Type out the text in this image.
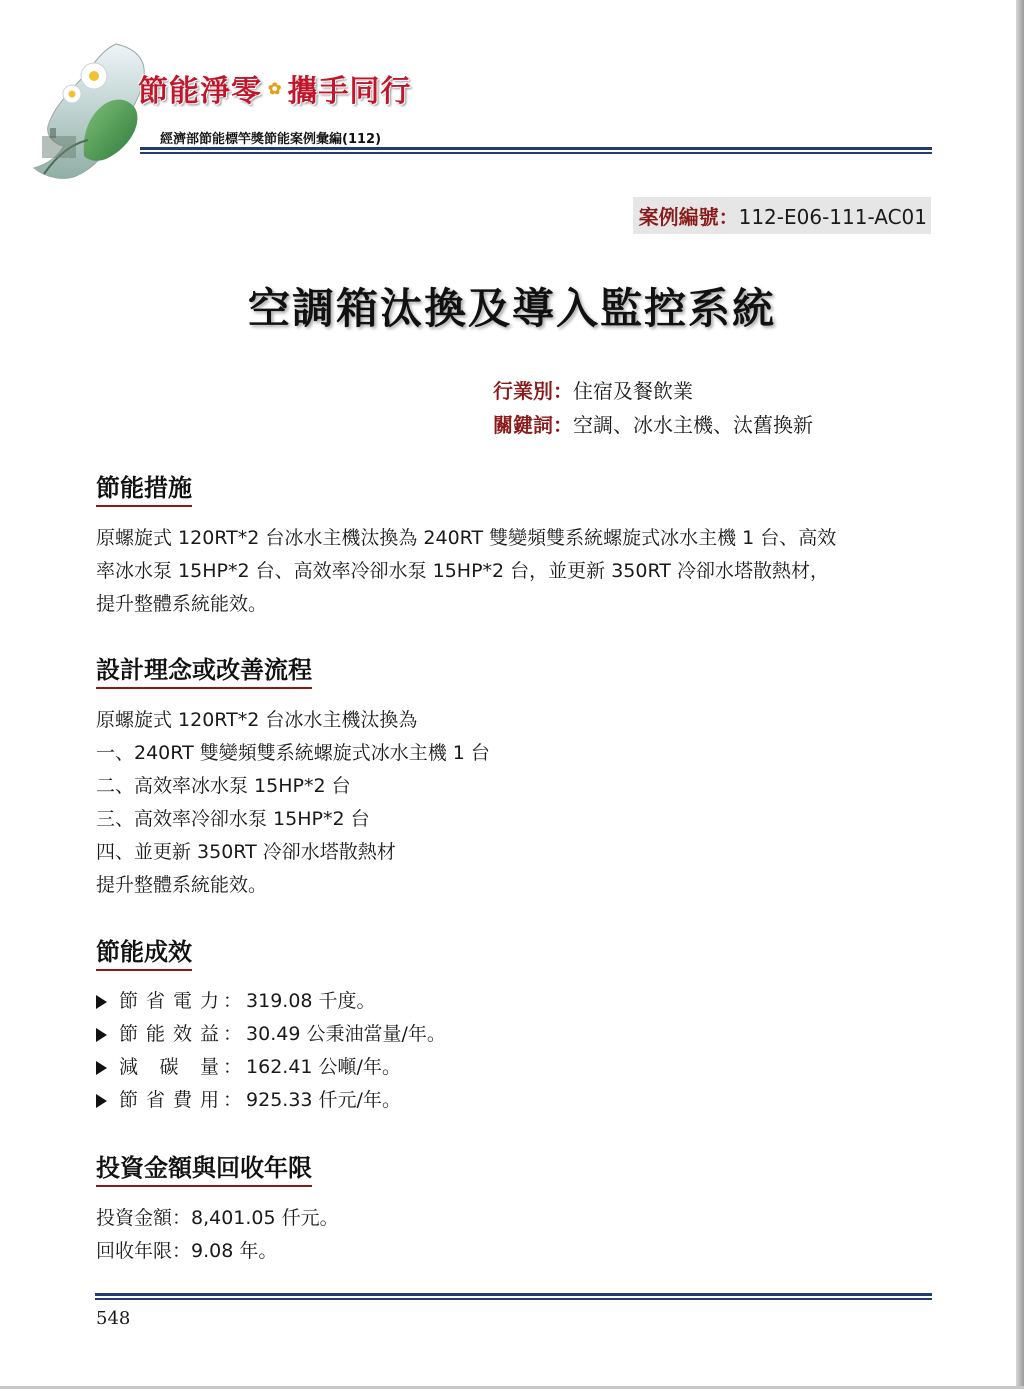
節能淨零 ✿ 攜手同行
經濟部節能標竿獎節能案例彙編(112)
案例編號：112-E06-111-AC01
空調箱汰換及導入監控系統
行業別：住宿及餐飲業
關鍵詞：空調、冰水主機、汰舊換新
節能措施

原螺旋式 120RT*2 台冰水主機汰換為 240RT 雙變頻雙系統螺旋式冰水主機 1 台、高效

率冰水泵 15HP*2 台、高效率冷卻水泵 15HP*2 台，並更新 350RT 冷卻水塔散熱材，

提升整體系統能效。

設計理念或改善流程

原螺旋式 120RT*2 台冰水主機汰換為

一、240RT 雙變頻雙系統螺旋式冰水主機 1 台

二、高效率冰水泵 15HP*2 台

三、高效率冷卻水泵 15HP*2 台

四、並更新 350RT 冷卻水塔散熱材

提升整體系統能效。

節能成效
節省電力 ： 319.08 千度。
節能效益 ： 30.49 公秉油當量/年。
減碳量 ： 162.41 公噸/年。
節省費用 ： 925.33 仟元/年。
投資金額與回收年限

投資金額：8,401.05 仟元。

回收年限：9.08 年。

548
